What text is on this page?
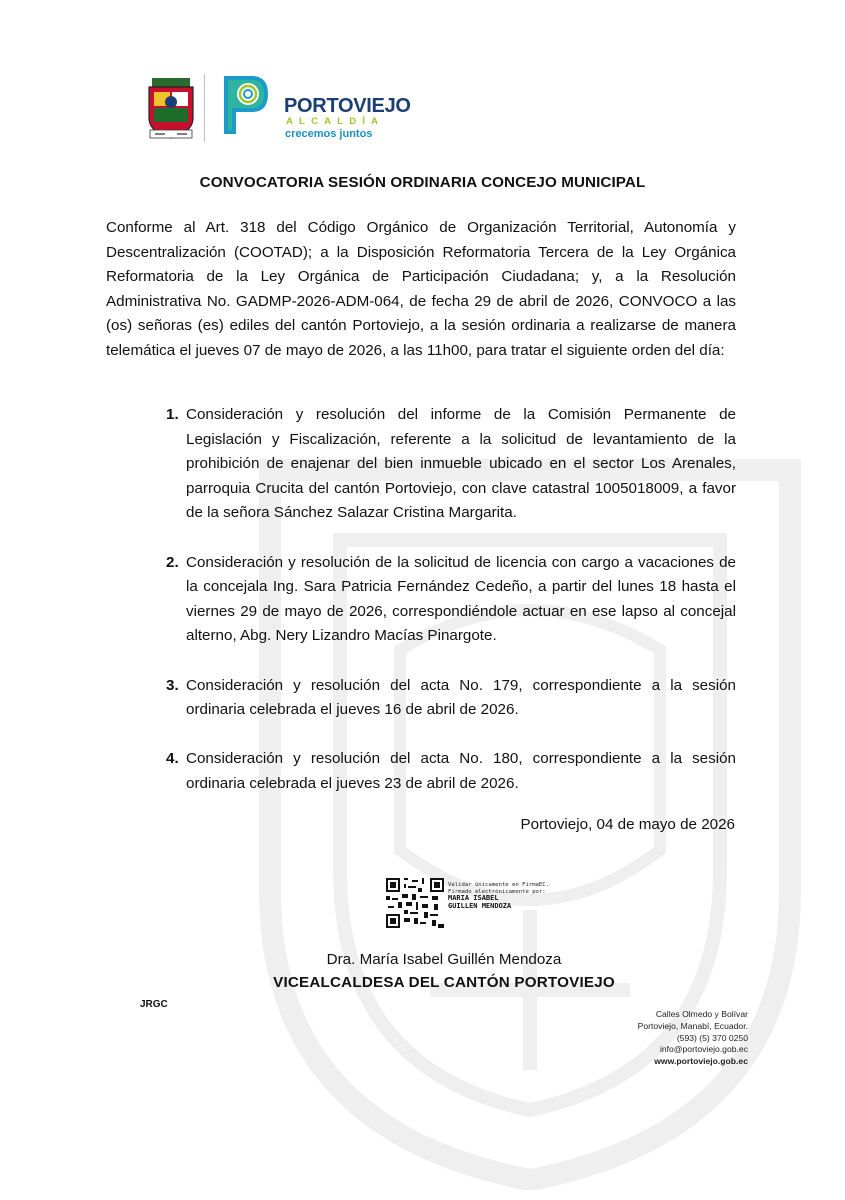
PORTOVIEJO
ALCALDÍA
crecemos juntos
CONVOCATORIA SESIÓN ORDINARIA CONCEJO MUNICIPAL

Conforme al Art. 318 del Código Orgánico de Organización Territorial, Autonomía y Descentralización (COOTAD); a la Disposición Reformatoria Tercera de la Ley Orgánica Reformatoria de la Ley Orgánica de Participación Ciudadana; y, a la Resolución Administrativa No. GADMP-2026-ADM-064, de fecha 29 de abril de 2026, CONVOCO a las (os) señoras (es) ediles del cantón Portoviejo, a la sesión ordinaria a realizarse de manera telemática el jueves 07 de mayo de 2026, a las 11h00, para tratar el siguiente orden del día:

1. Consideración y resolución del informe de la Comisión Permanente de Legislación y Fiscalización, referente a la solicitud de levantamiento de la prohibición de enajenar del bien inmueble ubicado en el sector Los Arenales, parroquia Crucita del cantón Portoviejo, con clave catastral 1005018009, a favor de la señora Sánchez Salazar Cristina Margarita.
2. Consideración y resolución de la solicitud de licencia con cargo a vacaciones de la concejala Ing. Sara Patricia Fernández Cedeño, a partir del lunes 18 hasta el viernes 29 de mayo de 2026, correspondiéndole actuar en ese lapso al concejal alterno, Abg. Nery Lizandro Macías Pinargote.
3. Consideración y resolución del acta No. 179, correspondiente a la sesión ordinaria celebrada el jueves 16 de abril de 2026.
4. Consideración y resolución del acta No. 180, correspondiente a la sesión ordinaria celebrada el jueves 23 de abril de 2026.
Portoviejo, 04 de mayo de 2026
Validar únicamente en FirmaEC.
Firmado electrónicamente por:
MARIA ISABEL
GUILLEN MENDOZA
Dra. María Isabel Guillén Mendoza
VICEALCALDESA DEL CANTÓN PORTOVIEJO
JRGC
Calles Olmedo y Bolívar
Portoviejo, Manabí, Ecuador.
(593) (5) 370 0250
info@portoviejo.gob.ec
www.portoviejo.gob.ec
